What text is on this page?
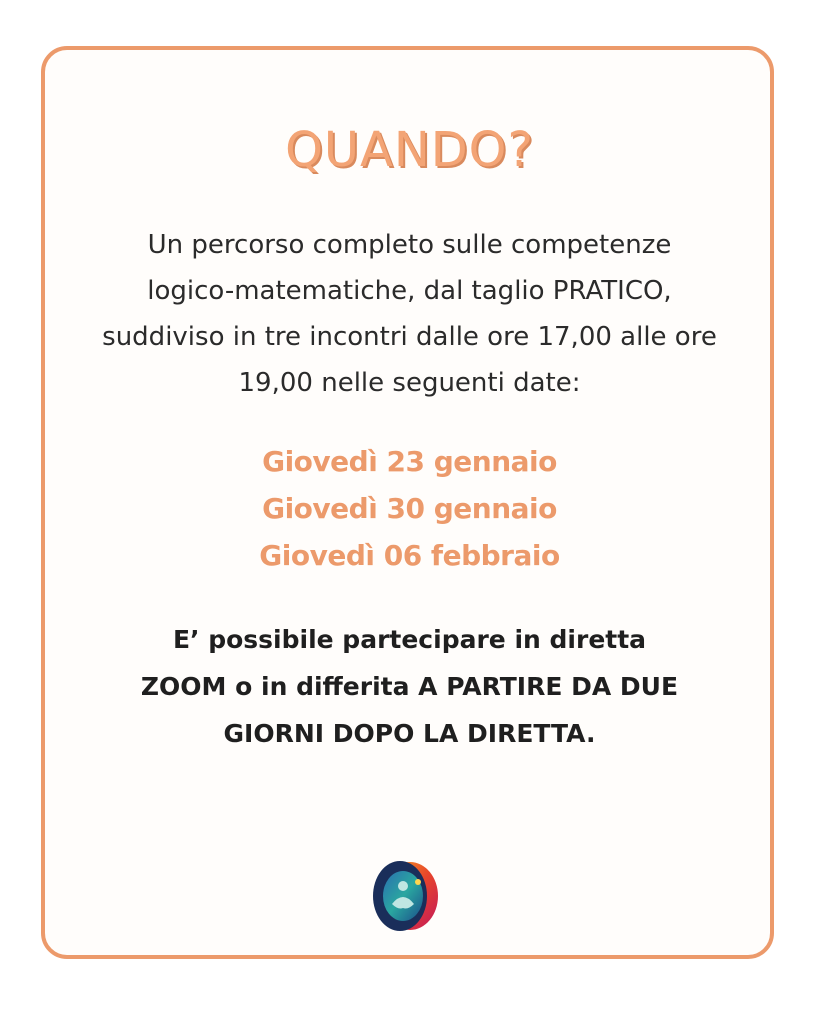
QUANDO?
Un percorso completo sulle competenze
logico-matematiche, dal taglio PRATICO,
suddiviso in tre incontri dalle ore 17,00 alle ore
19,00 nelle seguenti date:
Giovedì 23 gennaio
Giovedì 30 gennaio
Giovedì 06 febbraio
E’ possibile partecipare in diretta
ZOOM o in differita A PARTIRE DA DUE
GIORNI DOPO LA DIRETTA.
